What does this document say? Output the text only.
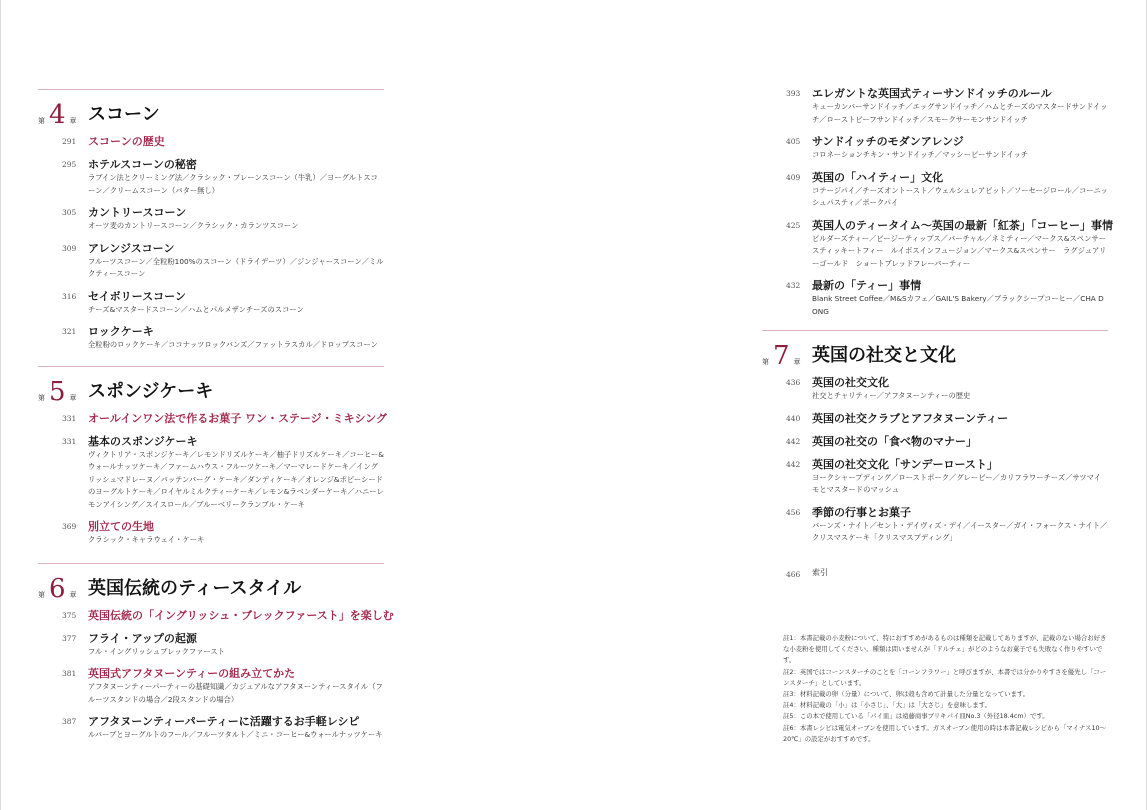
第 4 章 スコーン
291 スコーンの歴史
295 ホテルスコーンの秘密
ラブイン法とクリーミング法／クラシック・プレーンスコーン（牛乳）／ヨーグルトスコーン／クリームスコーン（バター無し）
305 カントリースコーン
オーツ麦のカントリースコーン／クラシック・カランツスコーン
309 アレンジスコーン
フルーツスコーン／全粒粉100%のスコーン（ドライデーツ）／ジンジャースコーン／ミルクティースコーン
316 セイボリースコーン
チーズ&マスタードスコーン／ハムとパルメザンチーズのスコーン
321 ロックケーキ
全粒粉のロックケーキ／ココナッツロックバンズ／ファットラスカル／ドロップスコーン
第 5 章 スポンジケーキ
331 オールインワン法で作るお菓子 ワン・ステージ・ミキシング
331 基本のスポンジケーキ
ヴィクトリア・スポンジケーキ／レモンドリズルケーキ／柚子ドリズルケーキ／コーヒー&ウォールナッツケーキ／ファームハウス・フルーツケーキ／マーマレードケーキ／イングリッシュマドレーヌ／バッテンバーグ・ケーキ／ダンディケーキ／オレンジ&ポピーシードのヨーグルトケーキ／ロイヤルミルクティーケーキ／レモン&ラベンダーケーキ／ハニーレモンアイシング／スイスロール／ブルーベリークランブル・ケーキ
369 別立ての生地
クラシック・キャラウェイ・ケーキ
第 6 章 英国伝統のティースタイル
375 英国伝統の「イングリッシュ・ブレックファースト」を楽しむ
377 フライ・アップの起源
フル・イングリッシュブレックファースト
381 英国式アフタヌーンティーの組み立てかた
アフタヌーンティーパーティーの基礎知識／カジュアルなアフタヌーンティースタイル（フルーツスタンドの場合／2段スタンドの場合）
387 アフタヌーンティーパーティーに活躍するお手軽レシピ
ルバーブとヨーグルトのフール／フルーツタルト／ミニ・コーヒー&ウォールナッツケーキ
393 エレガントな英国式ティーサンドイッチのルール
キューカンバーサンドイッチ／エッグサンドイッチ／ハムとチーズのマスタードサンドイッチ／ローストビーフサンドイッチ／スモークサーモンサンドイッチ
405 サンドイッチのモダンアレンジ
コロネーションチキン・サンドイッチ／マッシービーサンドイッチ
409 英国の「ハイティー」文化
コテージパイ／チーズオントースト／ウェルシュレアビット／ソーセージロール／コーニッシュパスティ／ポークパイ
425 英国人のティータイム～英国の最新「紅茶」「コーヒー」事情
ビルダーズティー／ビージーティップス／バーチャル／ネミティー／マークス&スペンサー　スティッキートフィー　ルイボスインフュージョン／マークス&スペンサー　ラグジュアリーゴールド　ショートブレッドフレーバーティー
432 最新の「ティー」事情
Blank Street Coffee／M&Sカフェ／GAIL'S Bakery／ブラックシープコーヒー／CHA DONG
第 7 章 英国の社交と文化
436 英国の社交文化
社交とチャリティー／アフタヌーンティーの歴史
440 英国の社交クラブとアフタヌーンティー
442 英国の社交の「食べ物のマナー」
442 英国の社交文化「サンデーロースト」
ヨークシャープディング／ローストポーク／グレービー／カリフラワーチーズ／サツマイモとマスタードのマッシュ
456 季節の行事とお菓子
バーンズ・ナイト／セント・デイヴィズ・デイ／イースター／ガイ・フォークス・ナイト／クリスマスケーキ「クリスマスプディング」
466 索引

註1：本書記載の小麦粉について、特におすすめがあるものは種類を記載してありますが、記載のない場合お好きな小麦粉を使用してください。種類は問いませんが「ドルチェ」がどのようなお菓子でも失敗なく作りやすいです。

註2：英国ではコーンスターチのことを「コーンフラワー」と呼びますが、本書では分かりやすさを優先し「コーンスターチ」としています。

註3：材料記載の卵（分量）について、卵は殻も含めて計量した分量となっています。

註4：材料記載の「小」は「小さじ」、「大」は「大さじ」を意味します。

註5：この本で使用している「パイ皿」は遠藤商事ブリキパイ皿No.3（外径18.4cm）です。

註6：本書レシピは電気オーブンを使用しています。ガスオーブン使用の時は本書記載レシピから「マイナス10～20℃」の設定がおすすめです。
